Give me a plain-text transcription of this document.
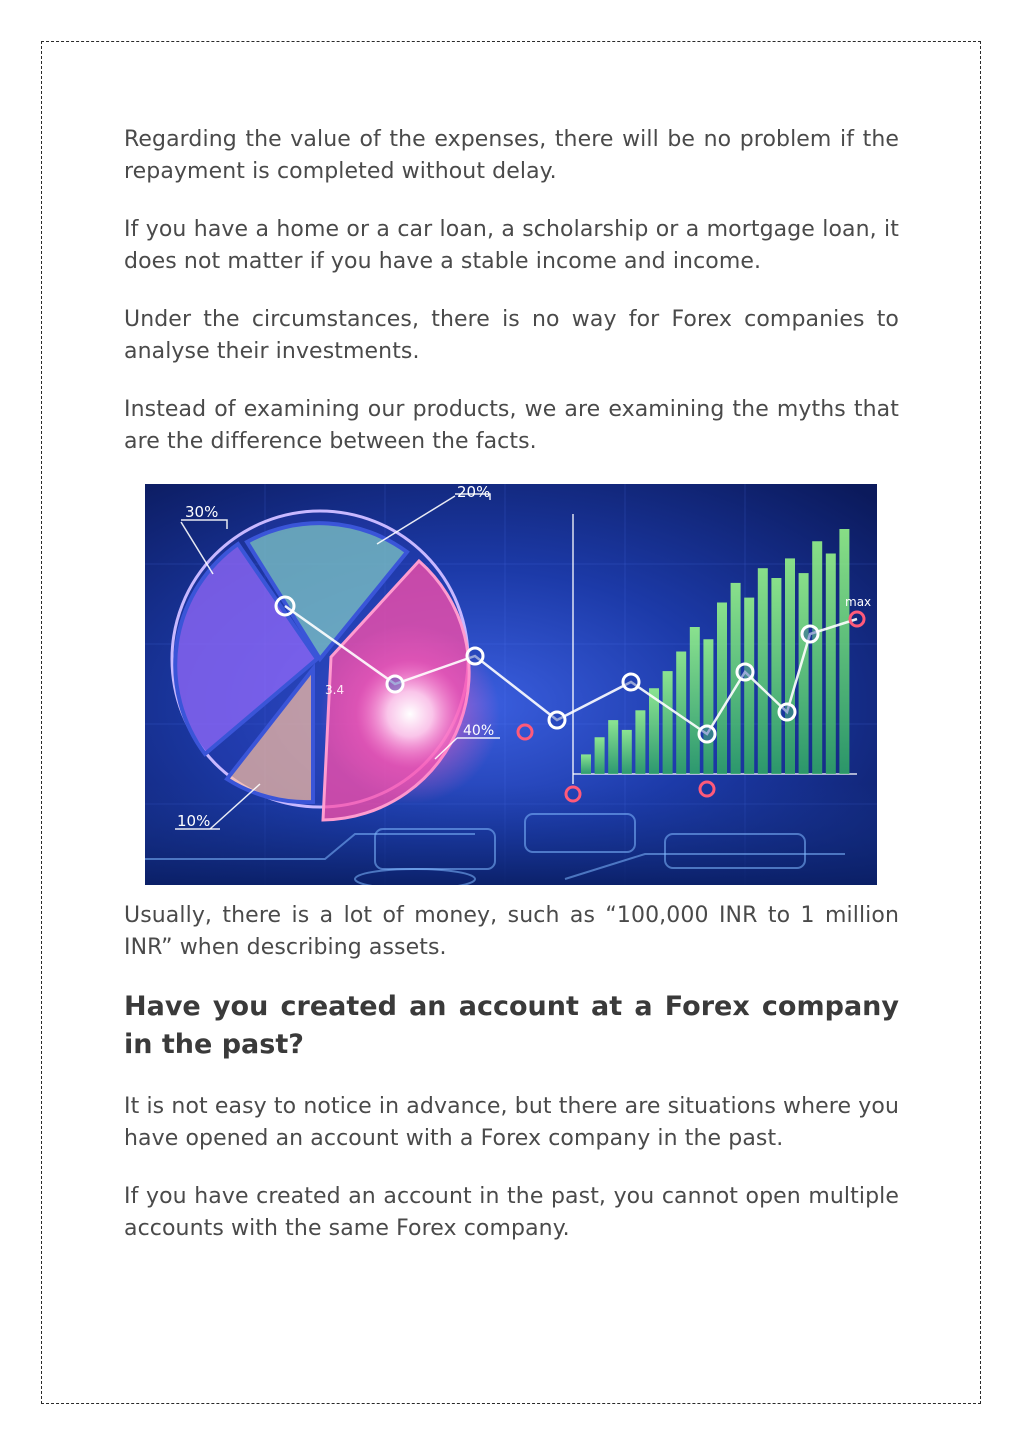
Regarding the value of the expenses, there will be no problem if the repayment is completed without delay.

If you have a home or a car loan, a scholarship or a mortgage loan, it does not matter if you have a stable income and income.

Under the circumstances, there is no way for Forex companies to analyse their investments.

Instead of examining our products, we are examining the myths that are the difference between the facts.

30%
20%
40%
10%
max

Usually, there is a lot of money, such as “100,000 INR to 1 million INR” when describing assets.

Have you created an account at a Forex company in the past?

It is not easy to notice in advance, but there are situations where you have opened an account with a Forex company in the past.

If you have created an account in the past, you cannot open multiple accounts with the same Forex company.
